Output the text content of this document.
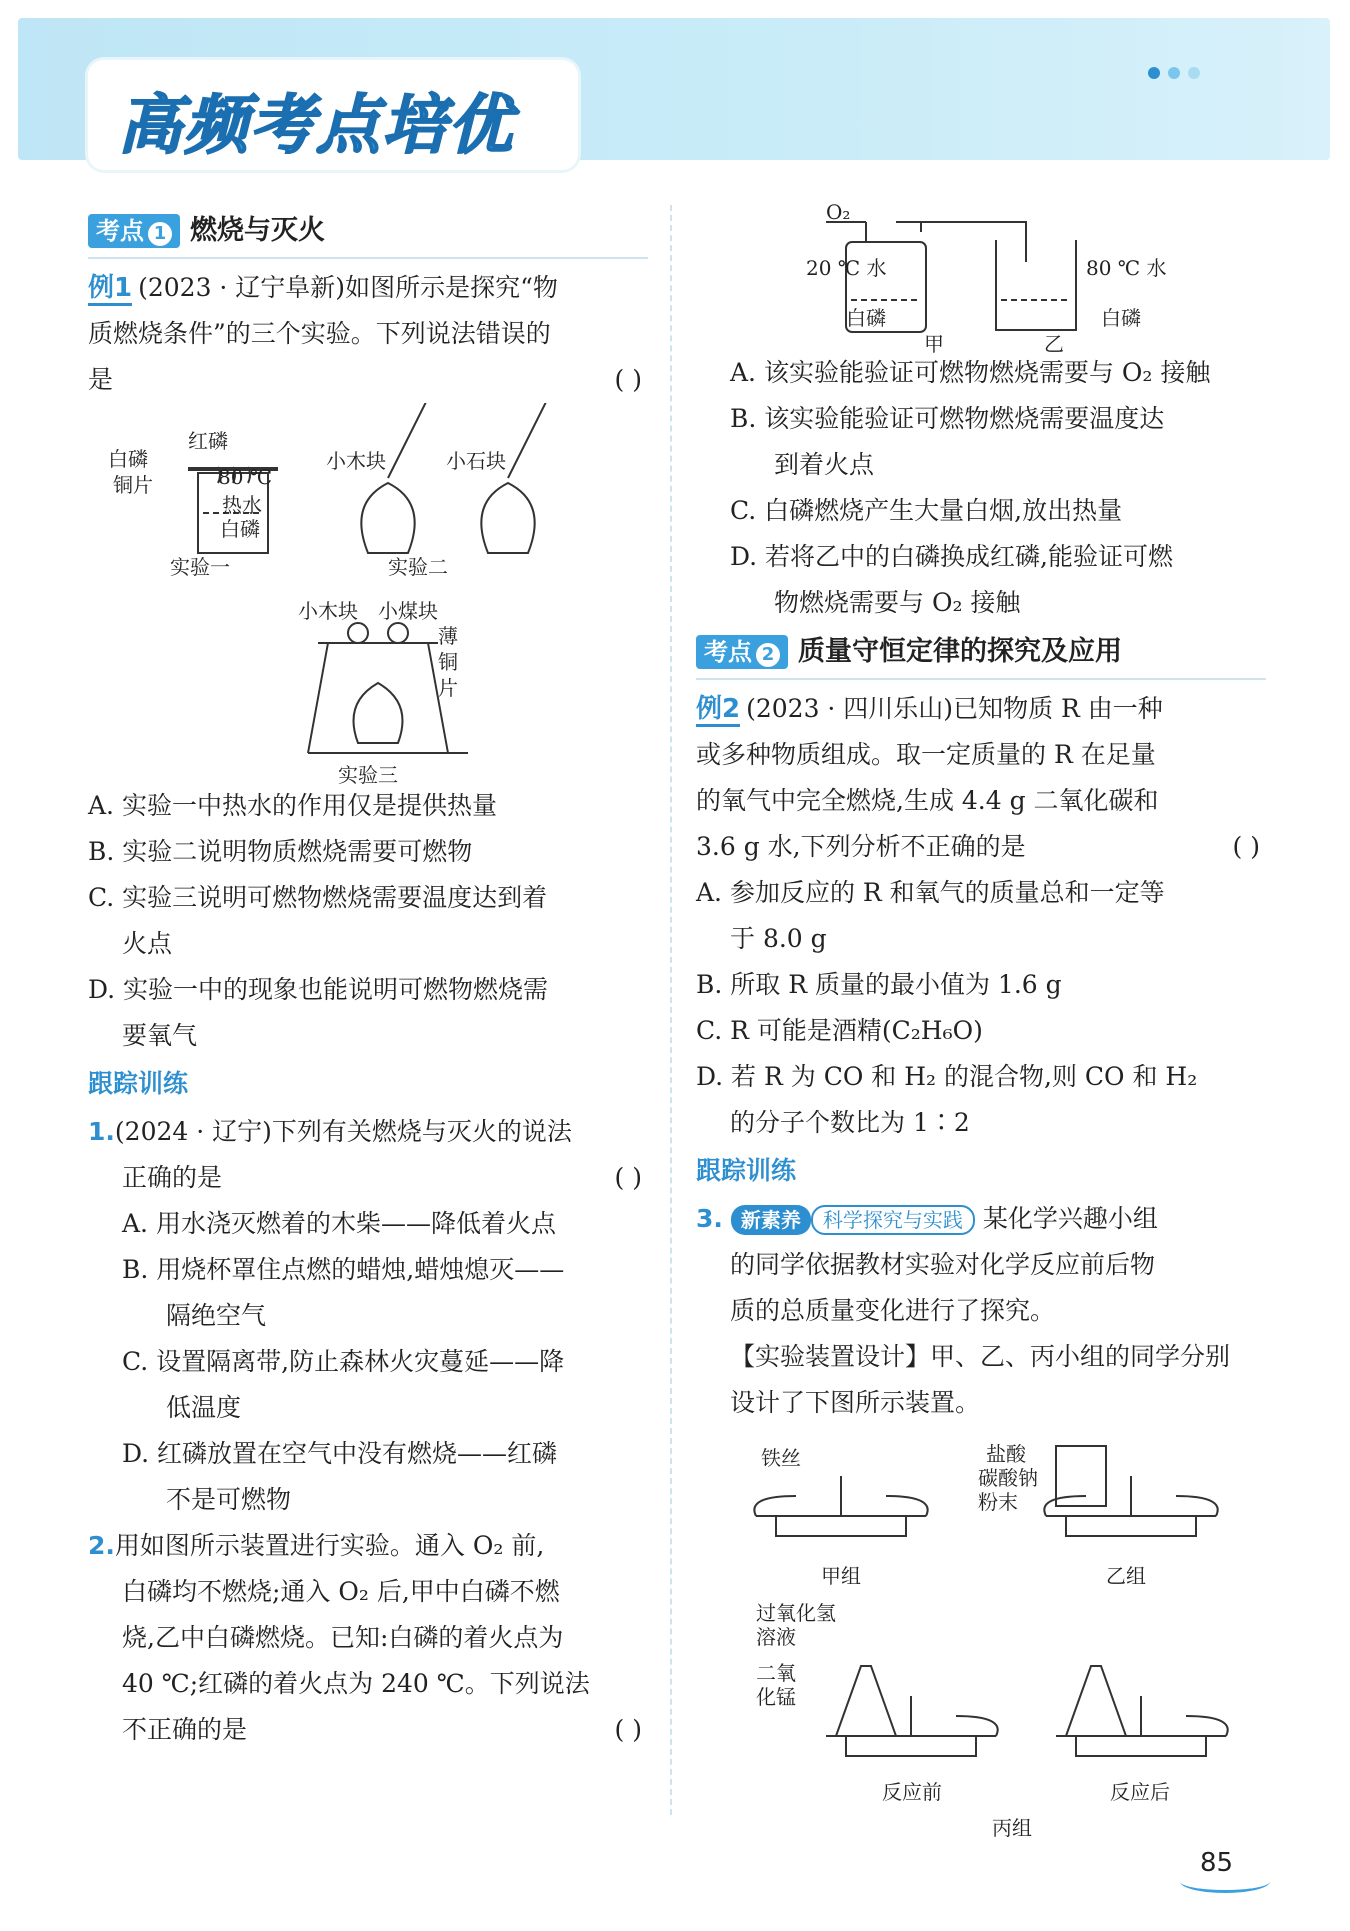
高频考点培优
考点 1 燃烧与灭火
例1 (2023 · 辽宁阜新)如图所示是探究“物
质燃烧条件”的三个实验。下列说法错误的
是	( )
白磷
铜片
红磷
80 ℃
热水
白磷
实验一
小木块	小石块
实验二
小木块 小煤块
薄铜片
实验三
A. 实验一中热水的作用仅是提供热量
B. 实验二说明物质燃烧需要可燃物
C. 实验三说明可燃物燃烧需要温度达到着
火点
D. 实验一中的现象也能说明可燃物燃烧需
要氧气
跟踪训练
1.(2024 · 辽宁)下列有关燃烧与灭火的说法
正确的是	( )
A. 用水浇灭燃着的木柴——降低着火点
B. 用烧杯罩住点燃的蜡烛,蜡烛熄灭——
隔绝空气
C. 设置隔离带,防止森林火灾蔓延——降
低温度
D. 红磷放置在空气中没有燃烧——红磷
不是可燃物
2.用如图所示装置进行实验。通入 O₂ 前,
白磷均不燃烧;通入 O₂ 后,甲中白磷不燃
烧,乙中白磷燃烧。已知:白磷的着火点为
40 ℃;红磷的着火点为 240 ℃。下列说法
不正确的是	( )
O₂
20 ℃ 水	80 ℃ 水
白磷	白磷
甲	乙
A. 该实验能验证可燃物燃烧需要与 O₂ 接触
B. 该实验能验证可燃物燃烧需要温度达
到着火点
C. 白磷燃烧产生大量白烟,放出热量
D. 若将乙中的白磷换成红磷,能验证可燃
物燃烧需要与 O₂ 接触
考点 2 质量守恒定律的探究及应用
例2 (2023 · 四川乐山)已知物质 R 由一种
或多种物质组成。取一定质量的 R 在足量
的氧气中完全燃烧,生成 4.4 g 二氧化碳和
3.6 g 水,下列分析不正确的是	( )
A. 参加反应的 R 和氧气的质量总和一定等
于 8.0 g
B. 所取 R 质量的最小值为 1.6 g
C. R 可能是酒精(C₂H₆O)
D. 若 R 为 CO 和 H₂ 的混合物,则 CO 和 H₂
的分子个数比为 1∶2
跟踪训练
3. 新素养 科学探究与实践 某化学兴趣小组
的同学依据教材实验对化学反应前后物
质的总质量变化进行了探究。
【实验装置设计】甲、乙、丙小组的同学分别
设计了下图所示装置。
铁丝	盐酸
碳酸钠粉末
甲组	乙组
过氧化氢溶液
二氧化锰
反应前	反应后
丙组
85
